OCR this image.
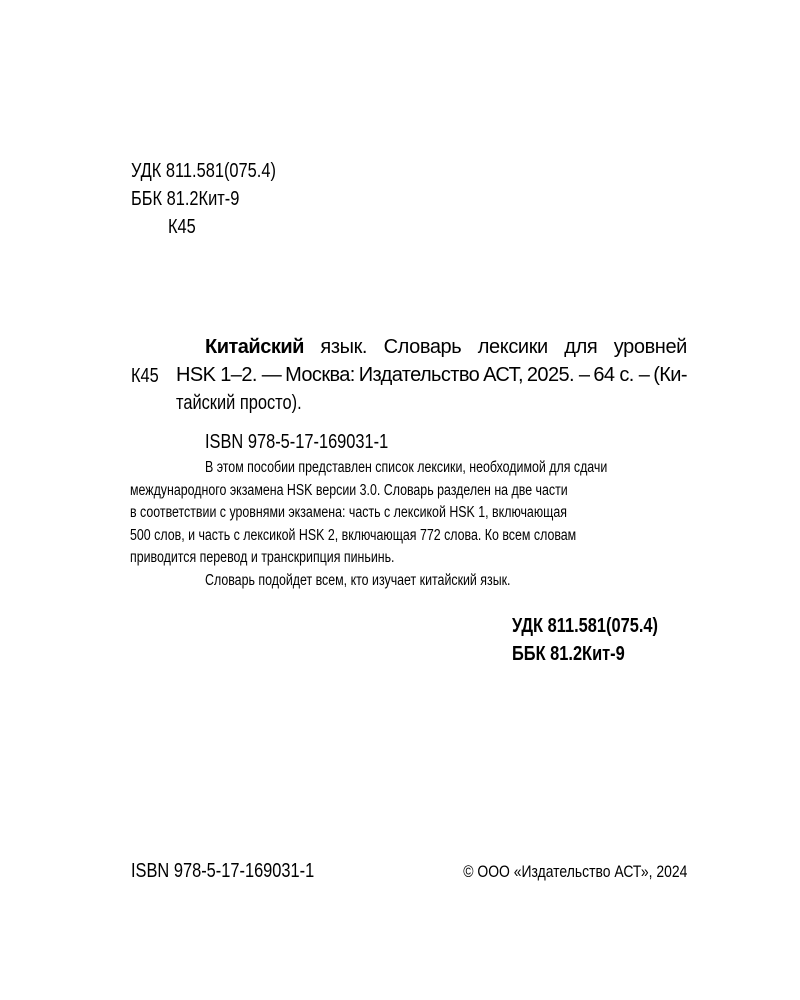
УДК 811.581(075.4)
ББК 81.2Кит-9
К45
К45
Китайский язык. Словарь лексики для уровней
HSK 1–2. — Москва: Издательство АСТ, 2025. – 64 с. – (Ки-
тайский просто).
ISBN 978-5-17-169031-1
В этом пособии представлен список лексики, необходимой для сдачи
международного экзамена HSK версии 3.0. Словарь разделен на две части
в соответствии с уровнями экзамена: часть с лексикой HSK 1, включающая
500 слов, и часть с лексикой HSK 2, включающая 772 слова. Ко всем словам
приводится перевод и транскрипция пиньинь.
Словарь подойдет всем, кто изучает китайский язык.
УДК 811.581(075.4)
ББК 81.2Кит-9
ISBN 978-5-17-169031-1	© ООО «Издательство АСТ», 2024
